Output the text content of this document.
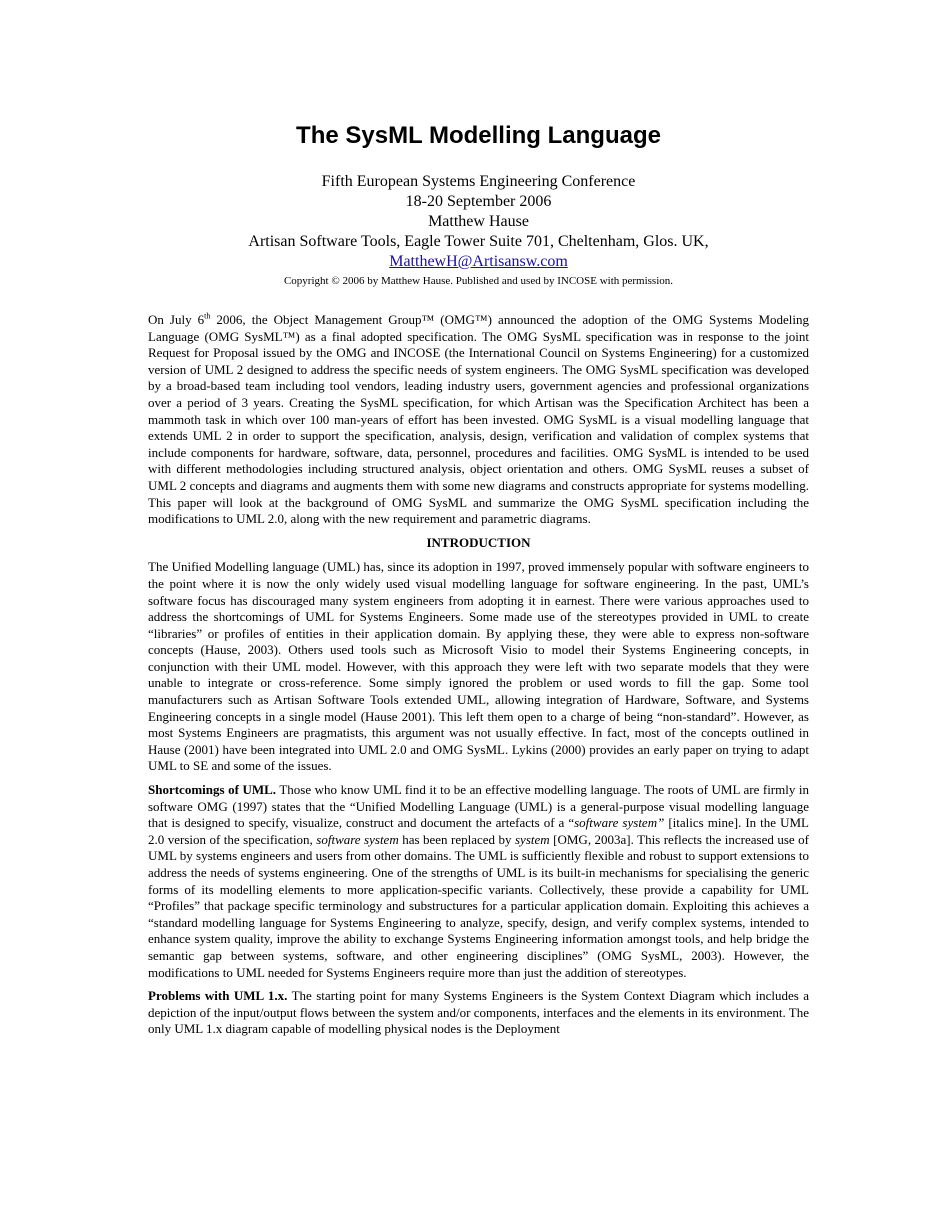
The SysML Modelling Language
Fifth European Systems Engineering Conference
18-20 September 2006
Matthew Hause
Artisan Software Tools, Eagle Tower Suite 701, Cheltenham, Glos. UK,
MatthewH@Artisansw.com
Copyright © 2006 by Matthew Hause. Published and used by INCOSE with permission.

On July 6th 2006, the Object Management Group™ (OMG™) announced the adoption of the OMG Systems Modeling Language (OMG SysML™) as a final adopted specification. The OMG SysML specification was in response to the joint Request for Proposal issued by the OMG and INCOSE (the International Council on Systems Engineering) for a customized version of UML 2 designed to address the specific needs of system engineers. The OMG SysML specification was developed by a broad-based team including tool vendors, leading industry users, government agencies and professional organizations over a period of 3 years. Creating the SysML specification, for which Artisan was the Specification Architect has been a mammoth task in which over 100 man-years of effort has been invested. OMG SysML is a visual modelling language that extends UML 2 in order to support the specification, analysis, design, verification and validation of complex systems that include components for hardware, software, data, personnel, procedures and facilities. OMG SysML is intended to be used with different methodologies including structured analysis, object orientation and others. OMG SysML reuses a subset of UML 2 concepts and diagrams and augments them with some new diagrams and constructs appropriate for systems modelling. This paper will look at the background of OMG SysML and summarize the OMG SysML specification including the modifications to UML 2.0, along with the new requirement and parametric diagrams.

INTRODUCTION

The Unified Modelling language (UML) has, since its adoption in 1997, proved immensely popular with software engineers to the point where it is now the only widely used visual modelling language for software engineering. In the past, UML’s software focus has discouraged many system engineers from adopting it in earnest. There were various approaches used to address the shortcomings of UML for Systems Engineers. Some made use of the stereotypes provided in UML to create “libraries” or profiles of entities in their application domain. By applying these, they were able to express non-software concepts (Hause, 2003). Others used tools such as Microsoft Visio to model their Systems Engineering concepts, in conjunction with their UML model. However, with this approach they were left with two separate models that they were unable to integrate or cross-reference. Some simply ignored the problem or used words to fill the gap. Some tool manufacturers such as Artisan Software Tools extended UML, allowing integration of Hardware, Software, and Systems Engineering concepts in a single model (Hause 2001). This left them open to a charge of being “non-standard”. However, as most Systems Engineers are pragmatists, this argument was not usually effective. In fact, most of the concepts outlined in Hause (2001) have been integrated into UML 2.0 and OMG SysML. Lykins (2000) provides an early paper on trying to adapt UML to SE and some of the issues.

Shortcomings of UML. Those who know UML find it to be an effective modelling language. The roots of UML are firmly in software OMG (1997) states that the “Unified Modelling Language (UML) is a general-purpose visual modelling language that is designed to specify, visualize, construct and document the artefacts of a “software system” [italics mine]. In the UML 2.0 version of the specification, software system has been replaced by system [OMG, 2003a]. This reflects the increased use of UML by systems engineers and users from other domains. The UML is sufficiently flexible and robust to support extensions to address the needs of systems engineering. One of the strengths of UML is its built-in mechanisms for specialising the generic forms of its modelling elements to more application-specific variants. Collectively, these provide a capability for UML “Profiles” that package specific terminology and substructures for a particular application domain. Exploiting this achieves a “standard modelling language for Systems Engineering to analyze, specify, design, and verify complex systems, intended to enhance system quality, improve the ability to exchange Systems Engineering information amongst tools, and help bridge the semantic gap between systems, software, and other engineering disciplines” (OMG SysML, 2003). However, the modifications to UML needed for Systems Engineers require more than just the addition of stereotypes.

Problems with UML 1.x. The starting point for many Systems Engineers is the System Context Diagram which includes a depiction of the input/output flows between the system and/or components, interfaces and the elements in its environment. The only UML 1.x diagram capable of modelling physical nodes is the Deployment
